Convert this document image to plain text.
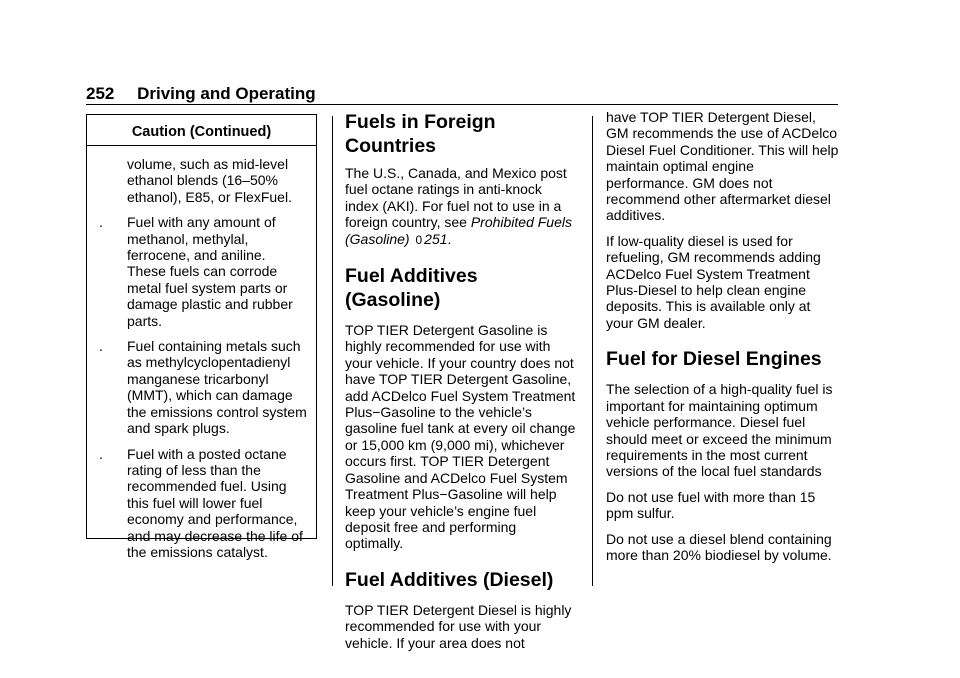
252 Driving and Operating
Caution (Continued)

volume, such as mid-level ethanol blends (16–50% ethanol), E85, or FlexFuel.

.	Fuel with any amount of methanol, methylal, ferrocene, and aniline. These fuels can corrode metal fuel system parts or damage plastic and rubber parts.
.	Fuel containing metals such as methylcyclopentadienyl manganese tricarbonyl (MMT), which can damage the emissions control system and spark plugs.
.	Fuel with a posted octane rating of less than the recommended fuel. Using this fuel will lower fuel economy and performance, and may decrease the life of the emissions catalyst.
Fuels in Foreign Countries

The U.S., Canada, and Mexico post fuel octane ratings in anti-knock index (AKI). For fuel not to use in a foreign country, see Prohibited Fuels (Gasoline) 0 251.

Fuel Additives (Gasoline)

TOP TIER Detergent Gasoline is highly recommended for use with your vehicle. If your country does not have TOP TIER Detergent Gasoline, add ACDelco Fuel System Treatment Plus−Gasoline to the vehicle’s gasoline fuel tank at every oil change or 15,000 km (9,000 mi), whichever occurs first. TOP TIER Detergent Gasoline and ACDelco Fuel System Treatment Plus−Gasoline will help keep your vehicle’s engine fuel deposit free and performing optimally.

Fuel Additives (Diesel)

TOP TIER Detergent Diesel is highly recommended for use with your vehicle. If your area does not

have TOP TIER Detergent Diesel, GM recommends the use of ACDelco Diesel Fuel Conditioner. This will help maintain optimal engine performance. GM does not recommend other aftermarket diesel additives.

If low-quality diesel is used for refueling, GM recommends adding ACDelco Fuel System Treatment Plus-Diesel to help clean engine deposits. This is available only at your GM dealer.

Fuel for Diesel Engines

The selection of a high-quality fuel is important for maintaining optimum vehicle performance. Diesel fuel should meet or exceed the minimum requirements in the most current versions of the local fuel standards

Do not use fuel with more than 15 ppm sulfur.

Do not use a diesel blend containing more than 20% biodiesel by volume.
